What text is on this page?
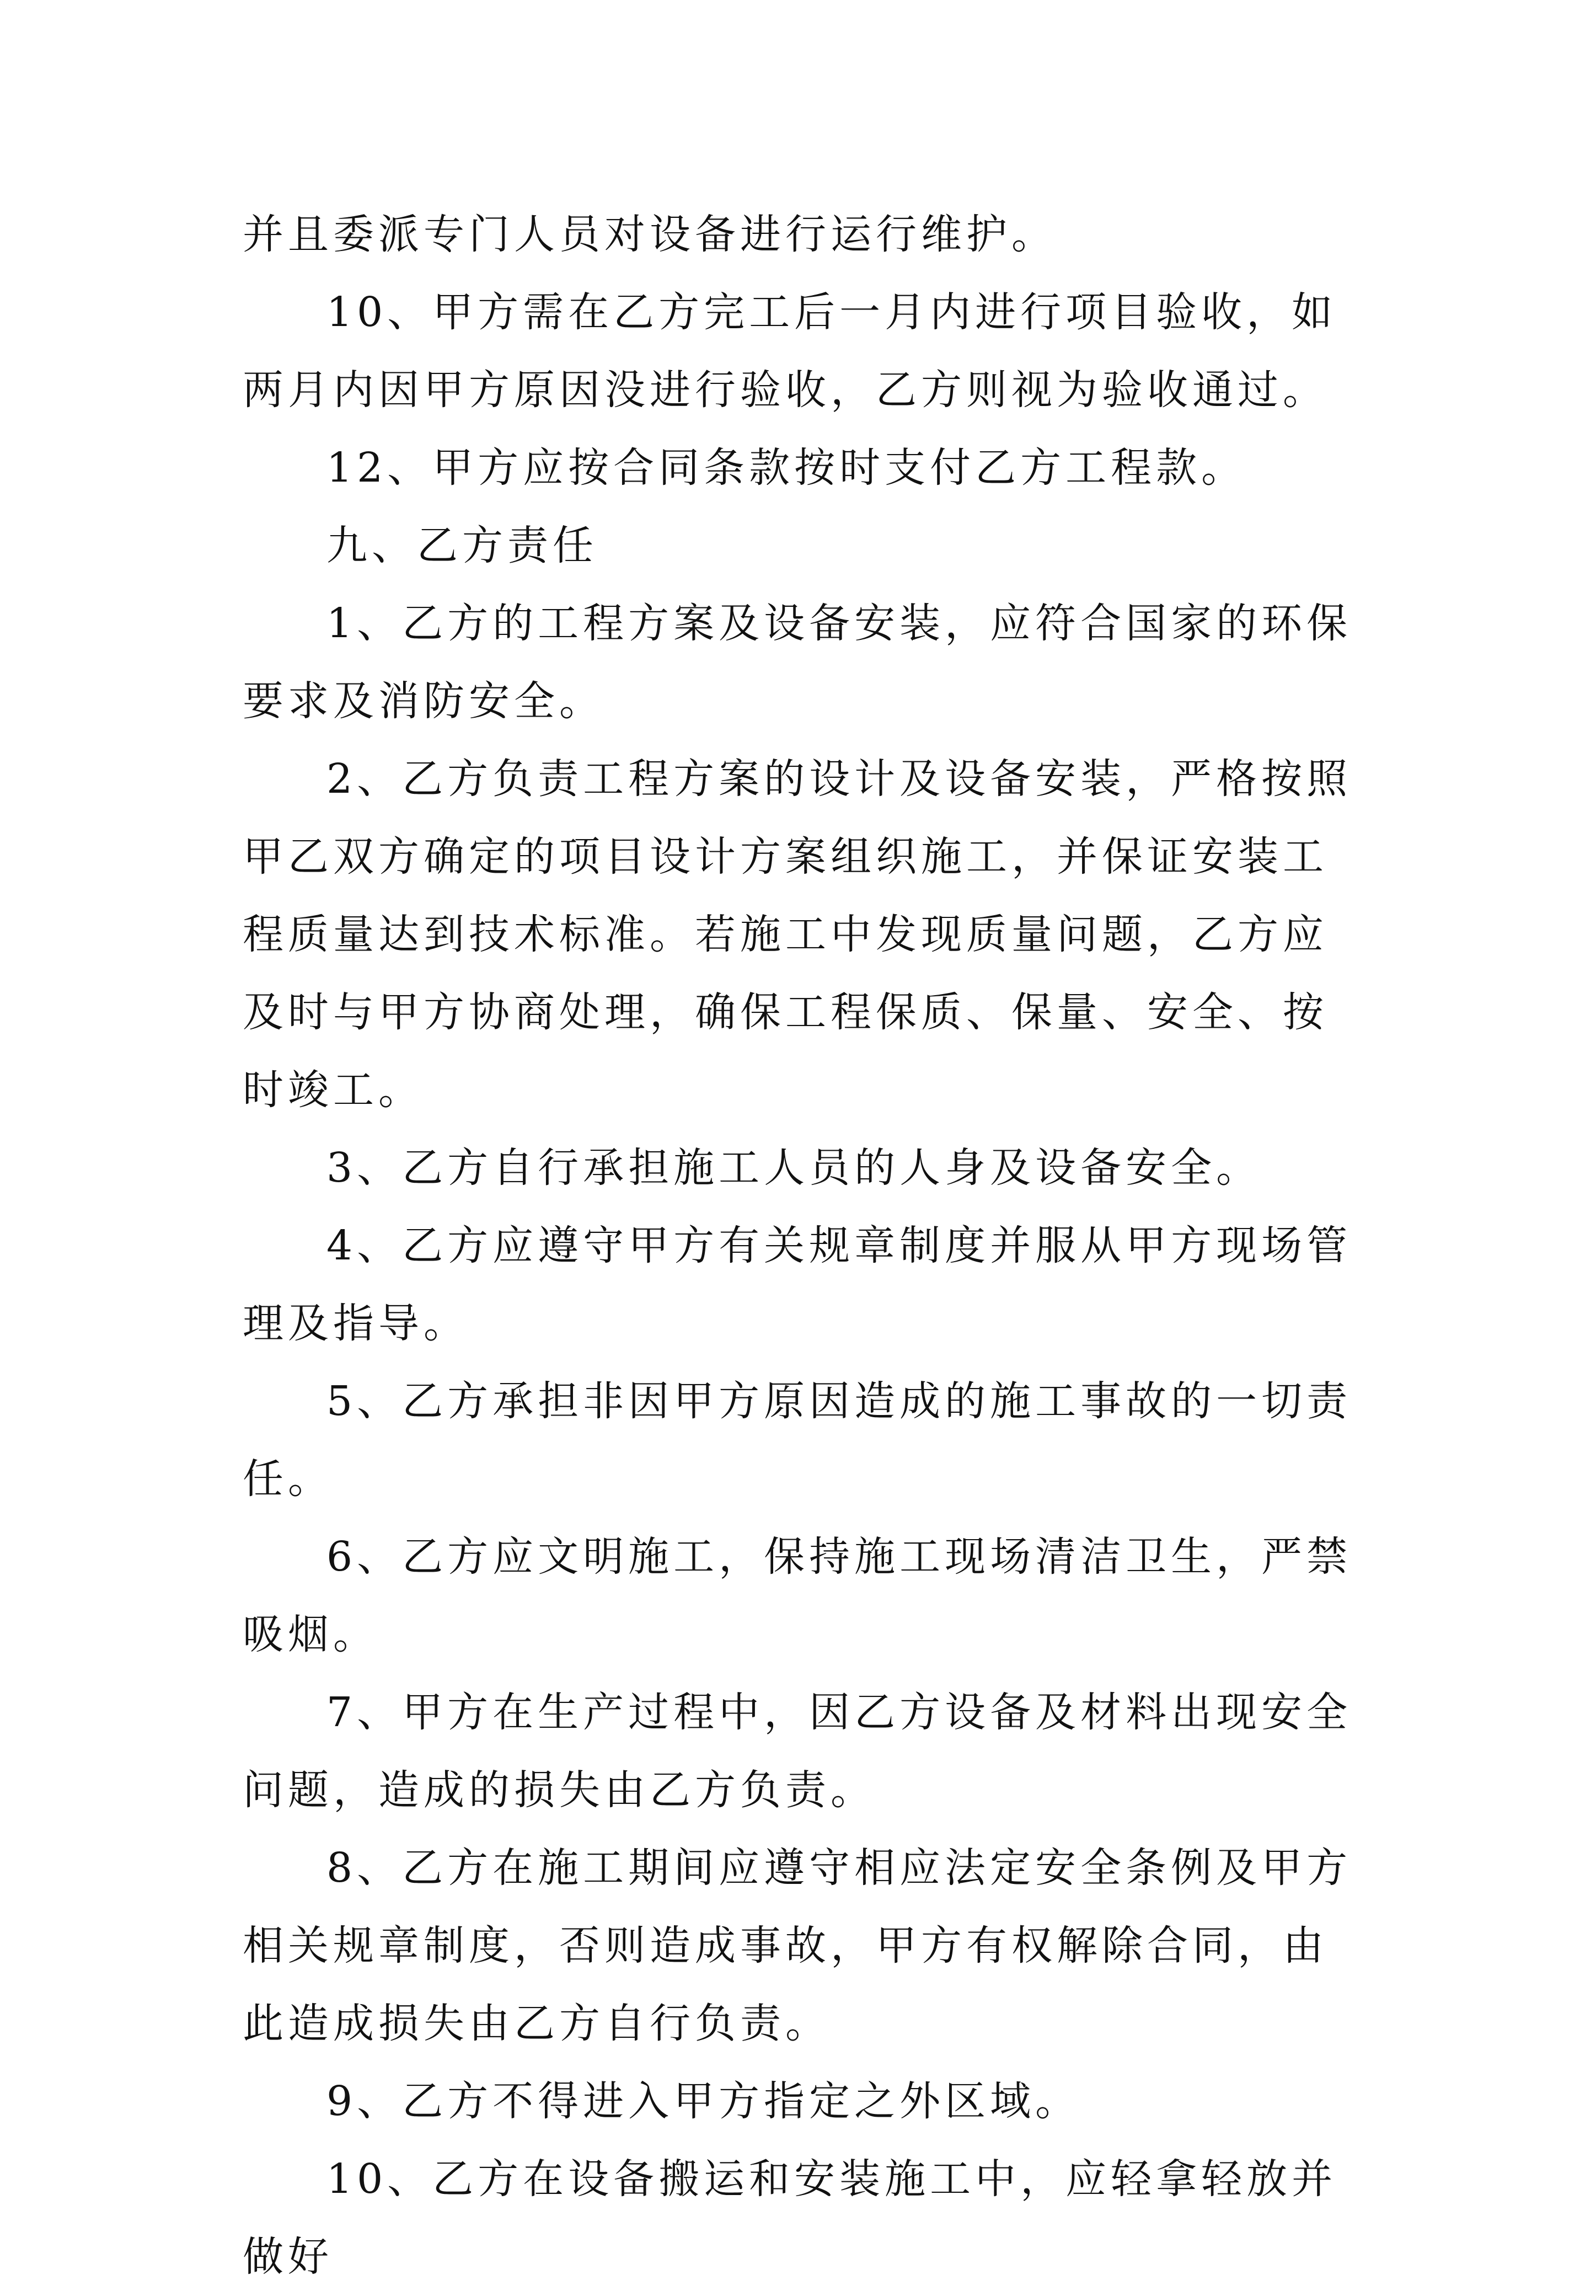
并且委派专门人员对设备进行运行维护。

10、甲方需在乙方完工后一月内进行项目验收，如两月内因甲方原因没进行验收，乙方则视为验收通过。

12、甲方应按合同条款按时支付乙方工程款。

九、乙方责任

1、乙方的工程方案及设备安装，应符合国家的环保要求及消防安全。

2、乙方负责工程方案的设计及设备安装，严格按照甲乙双方确定的项目设计方案组织施工，并保证安装工程质量达到技术标准。若施工中发现质量问题，乙方应及时与甲方协商处理，确保工程保质、保量、安全、按时竣工。

3、乙方自行承担施工人员的人身及设备安全。

4、乙方应遵守甲方有关规章制度并服从甲方现场管理及指导。

5、乙方承担非因甲方原因造成的施工事故的一切责任。

6、乙方应文明施工，保持施工现场清洁卫生，严禁吸烟。

7、甲方在生产过程中，因乙方设备及材料出现安全问题，造成的损失由乙方负责。

8、乙方在施工期间应遵守相应法定安全条例及甲方相关规章制度，否则造成事故，甲方有权解除合同，由此造成损失由乙方自行负责。

9、乙方不得进入甲方指定之外区域。

10、乙方在设备搬运和安装施工中，应轻拿轻放并做好
